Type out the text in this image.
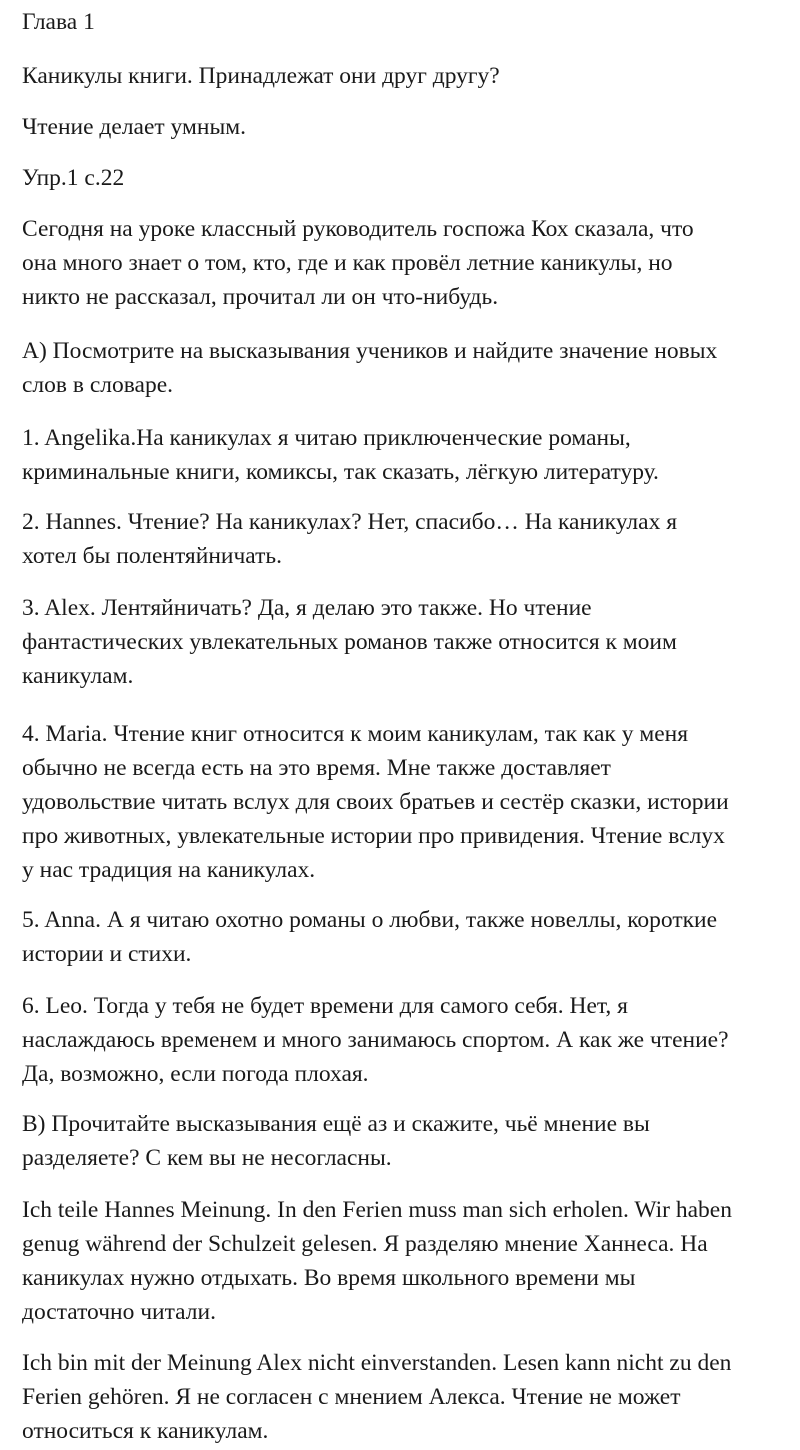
Глава 1

Каникулы книги. Принадлежат они друг другу?

Чтение делает умным.

Упр.1 с.22

Сегодня на уроке классный руководитель госпожа Кох сказала, что

она много знает о том, кто, где и как провёл летние каникулы, но

никто не рассказал, прочитал ли он что-нибудь.

А) Посмотрите на высказывания учеников и найдите значение новых

слов в словаре.

1. Angelika.На каникулах я читаю приключенческие романы,

криминальные книги, комиксы, так сказать, лёгкую литературу.

2. Hannes. Чтение? На каникулах? Нет, спасибо… На каникулах я

хотел бы полентяйничать.

3. Alex. Лентяйничать? Да, я делаю это также. Но чтение

фантастических увлекательных романов также относится к моим

каникулам.

4. Maria. Чтение книг относится к моим каникулам, так как у меня

обычно не всегда есть на это время. Мне также доставляет

удовольствие читать вслух для своих братьев и сестёр сказки, истории

про животных, увлекательные истории про привидения. Чтение вслух

у нас традиция на каникулах.

5. Anna. А я читаю охотно романы о любви, также новеллы, короткие

истории и стихи.

6. Leo. Тогда у тебя не будет времени для самого себя. Нет, я

наслаждаюсь временем и много занимаюсь спортом. А как же чтение?

Да, возможно, если погода плохая.

В) Прочитайте высказывания ещё аз и скажите, чьё мнение вы

разделяете? С кем вы не несогласны.

Ich teile Hannes Meinung. In den Ferien muss man sich erholen. Wir haben

genug während der Schulzeit gelesen. Я разделяю мнение Ханнеса. На

каникулах нужно отдыхать. Во время школьного времени мы

достаточно читали.

Ich bin mit der Meinung Alex nicht einverstanden. Lesen kann nicht zu den

Ferien gehören. Я не согласен с мнением Алекса. Чтение не может

относиться к каникулам.
